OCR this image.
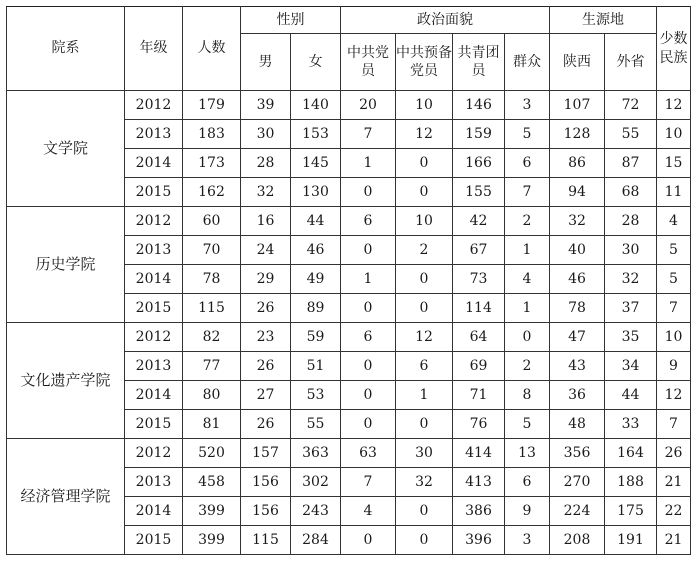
院系	年级	人数	性别		政治面貌				生源地		少数民族
			男	女	中共党员	中共预备党员	共青团员	群众	陕西	外省	
文学院	2012	179	39	140	20	10	146	3	107	72	12
	2013	183	30	153	7	12	159	5	128	55	10
	2014	173	28	145	1	0	166	6	86	87	15
	2015	162	32	130	0	0	155	7	94	68	11
历史学院	2012	60	16	44	6	10	42	2	32	28	4
	2013	70	24	46	0	2	67	1	40	30	5
	2014	78	29	49	1	0	73	4	46	32	5
	2015	115	26	89	0	0	114	1	78	37	7
文化遗产学院	2012	82	23	59	6	12	64	0	47	35	10
	2013	77	26	51	0	6	69	2	43	34	9
	2014	80	27	53	0	1	71	8	36	44	12
	2015	81	26	55	0	0	76	5	48	33	7
经济管理学院	2012	520	157	363	63	30	414	13	356	164	26
	2013	458	156	302	7	32	413	6	270	188	21
	2014	399	156	243	4	0	386	9	224	175	22
	2015	399	115	284	0	0	396	3	208	191	21
